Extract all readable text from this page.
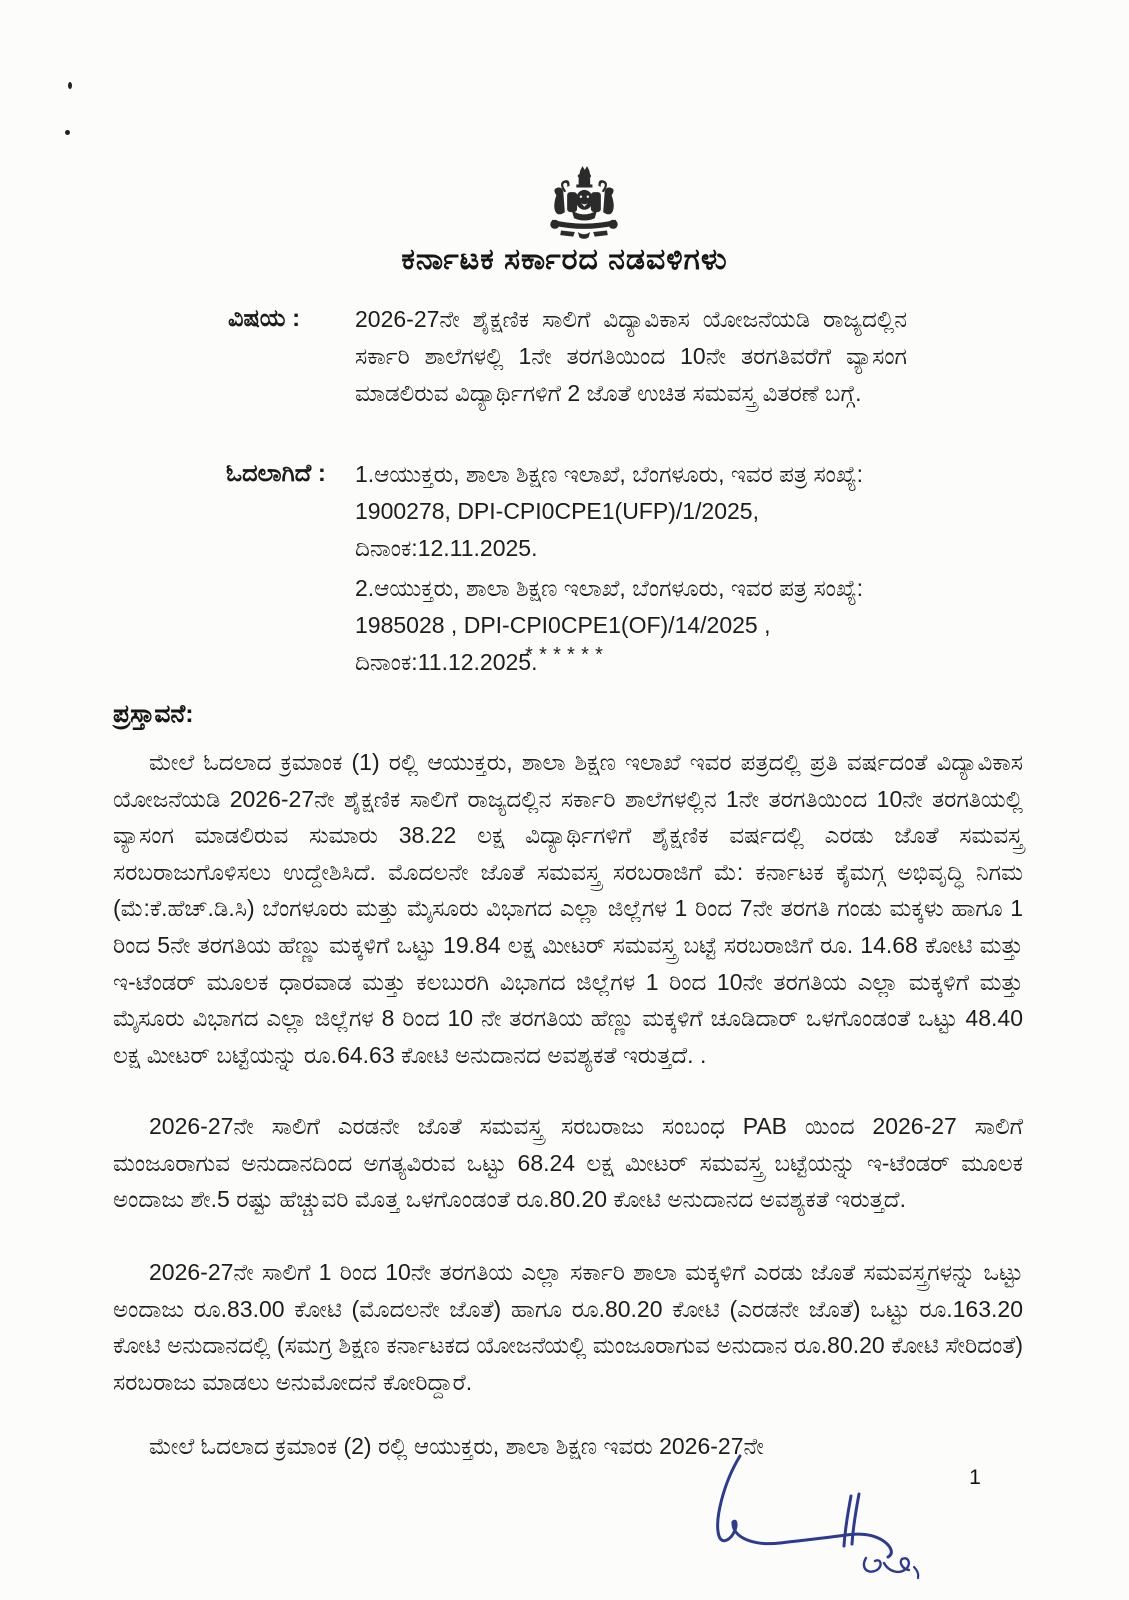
ಕರ್ನಾಟಕ ಸರ್ಕಾರದ ನಡವಳಿಗಳು
ವಿಷಯ : 2026-27ನೇ ಶೈಕ್ಷಣಿಕ ಸಾಲಿಗೆ ವಿದ್ಯಾವಿಕಾಸ ಯೋಜನೆಯಡಿ ರಾಜ್ಯದಲ್ಲಿನ ಸರ್ಕಾರಿ ಶಾಲೆಗಳಲ್ಲಿ 1ನೇ ತರಗತಿಯಿಂದ 10ನೇ ತರಗತಿವರೆಗೆ ವ್ಯಾಸಂಗ ಮಾಡಲಿರುವ ವಿದ್ಯಾರ್ಥಿಗಳಿಗೆ 2 ಜೊತೆ ಉಚಿತ ಸಮವಸ್ತ್ರ ವಿತರಣೆ ಬಗ್ಗೆ.
ಓದಲಾಗಿದೆ : 1.ಆಯುಕ್ತರು, ಶಾಲಾ ಶಿಕ್ಷಣ ಇಲಾಖೆ, ಬೆಂಗಳೂರು, ಇವರ ಪತ್ರ ಸಂಖ್ಯೆ: 1900278, DPI-CPI0CPE1(UFP)/1/2025, ದಿನಾಂಕ:12.11.2025.
2.ಆಯುಕ್ತರು, ಶಾಲಾ ಶಿಕ್ಷಣ ಇಲಾಖೆ, ಬೆಂಗಳೂರು, ಇವರ ಪತ್ರ ಸಂಖ್ಯೆ: 1985028 , DPI-CPI0CPE1(OF)/14/2025 , ದಿನಾಂಕ:11.12.2025.
******
ಪ್ರಸ್ತಾವನೆ:

ಮೇಲೆ ಓದಲಾದ ಕ್ರಮಾಂಕ (1) ರಲ್ಲಿ ಆಯುಕ್ತರು, ಶಾಲಾ ಶಿಕ್ಷಣ ಇಲಾಖೆ ಇವರ ಪತ್ರದಲ್ಲಿ ಪ್ರತಿ ವರ್ಷದಂತೆ ವಿದ್ಯಾವಿಕಾಸ ಯೋಜನೆಯಡಿ 2026-27ನೇ ಶೈಕ್ಷಣಿಕ ಸಾಲಿಗೆ ರಾಜ್ಯದಲ್ಲಿನ ಸರ್ಕಾರಿ ಶಾಲೆಗಳಲ್ಲಿನ 1ನೇ ತರಗತಿಯಿಂದ 10ನೇ ತರಗತಿಯಲ್ಲಿ ವ್ಯಾಸಂಗ ಮಾಡಲಿರುವ ಸುಮಾರು 38.22 ಲಕ್ಷ ವಿದ್ಯಾರ್ಥಿಗಳಿಗೆ ಶೈಕ್ಷಣಿಕ ವರ್ಷದಲ್ಲಿ ಎರಡು ಜೊತೆ ಸಮವಸ್ತ್ರ ಸರಬರಾಜುಗೊಳಿಸಲು ಉದ್ದೇಶಿಸಿದೆ. ಮೊದಲನೇ ಜೊತೆ ಸಮವಸ್ತ್ರ ಸರಬರಾಜಿಗೆ ಮೆ: ಕರ್ನಾಟಕ ಕೈಮಗ್ಗ ಅಭಿವೃದ್ಧಿ ನಿಗಮ (ಮೆ:ಕೆ.ಹೆಚ್.ಡಿ.ಸಿ) ಬೆಂಗಳೂರು ಮತ್ತು ಮೈಸೂರು ವಿಭಾಗದ ಎಲ್ಲಾ ಜಿಲ್ಲೆಗಳ 1 ರಿಂದ 7ನೇ ತರಗತಿ ಗಂಡು ಮಕ್ಕಳು ಹಾಗೂ 1 ರಿಂದ 5ನೇ ತರಗತಿಯ ಹೆಣ್ಣು ಮಕ್ಕಳಿಗೆ ಒಟ್ಟು 19.84 ಲಕ್ಷ ಮೀಟರ್ ಸಮವಸ್ತ್ರ ಬಟ್ಟೆ ಸರಬರಾಜಿಗೆ ರೂ. 14.68 ಕೋಟಿ ಮತ್ತು ಇ-ಟೆಂಡರ್ ಮೂಲಕ ಧಾರವಾಡ ಮತ್ತು ಕಲಬುರಗಿ ವಿಭಾಗದ ಜಿಲ್ಲೆಗಳ 1 ರಿಂದ 10ನೇ ತರಗತಿಯ ಎಲ್ಲಾ ಮಕ್ಕಳಿಗೆ ಮತ್ತು ಮೈಸೂರು ವಿಭಾಗದ ಎಲ್ಲಾ ಜಿಲ್ಲೆಗಳ 8 ರಿಂದ 10 ನೇ ತರಗತಿಯ ಹೆಣ್ಣು ಮಕ್ಕಳಿಗೆ ಚೂಡಿದಾರ್ ಒಳಗೊಂಡಂತೆ ಒಟ್ಟು 48.40 ಲಕ್ಷ ಮೀಟರ್ ಬಟ್ಟೆಯನ್ನು ರೂ.64.63 ಕೋಟಿ ಅನುದಾನದ ಅವಶ್ಯಕತೆ ಇರುತ್ತದೆ. .

2026-27ನೇ ಸಾಲಿಗೆ ಎರಡನೇ ಜೊತೆ ಸಮವಸ್ತ್ರ ಸರಬರಾಜು ಸಂಬಂಧ PAB ಯಿಂದ 2026-27 ಸಾಲಿಗೆ ಮಂಜೂರಾಗುವ ಅನುದಾನದಿಂದ ಅಗತ್ಯವಿರುವ ಒಟ್ಟು 68.24 ಲಕ್ಷ ಮೀಟರ್ ಸಮವಸ್ತ್ರ ಬಟ್ಟೆಯನ್ನು ಇ-ಟೆಂಡರ್ ಮೂಲಕ ಅಂದಾಜು ಶೇ.5 ರಷ್ಟು ಹೆಚ್ಚುವರಿ ಮೊತ್ತ ಒಳಗೊಂಡಂತೆ ರೂ.80.20 ಕೋಟಿ ಅನುದಾನದ ಅವಶ್ಯಕತೆ ಇರುತ್ತದೆ.

2026-27ನೇ ಸಾಲಿಗೆ 1 ರಿಂದ 10ನೇ ತರಗತಿಯ ಎಲ್ಲಾ ಸರ್ಕಾರಿ ಶಾಲಾ ಮಕ್ಕಳಿಗೆ ಎರಡು ಜೊತೆ ಸಮವಸ್ತ್ರಗಳನ್ನು ಒಟ್ಟು ಅಂದಾಜು ರೂ.83.00 ಕೋಟಿ (ಮೊದಲನೇ ಜೊತೆ) ಹಾಗೂ ರೂ.80.20 ಕೋಟಿ (ಎರಡನೇ ಜೊತೆ) ಒಟ್ಟು ರೂ.163.20 ಕೋಟಿ ಅನುದಾನದಲ್ಲಿ (ಸಮಗ್ರ ಶಿಕ್ಷಣ ಕರ್ನಾಟಕದ ಯೋಜನೆಯಲ್ಲಿ ಮಂಜೂರಾಗುವ ಅನುದಾನ ರೂ.80.20 ಕೋಟಿ ಸೇರಿದಂತೆ) ಸರಬರಾಜು ಮಾಡಲು ಅನುಮೋದನೆ ಕೋರಿದ್ದಾರೆ.

ಮೇಲೆ ಓದಲಾದ ಕ್ರಮಾಂಕ (2) ರಲ್ಲಿ ಆಯುಕ್ತರು, ಶಾಲಾ ಶಿಕ್ಷಣ ಇವರು 2026-27ನೇ

1
